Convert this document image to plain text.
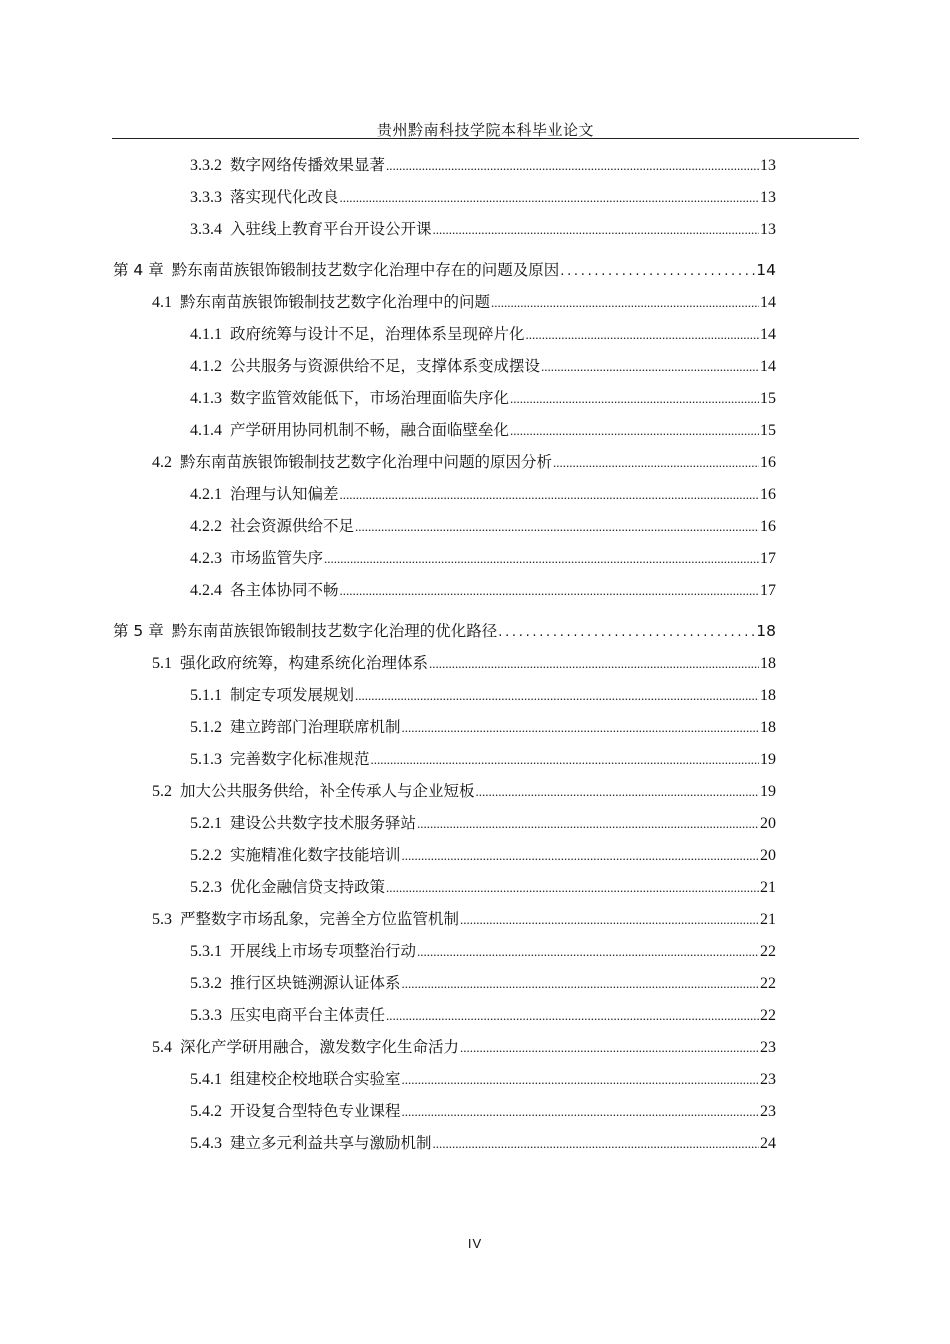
贵州黔南科技学院本科毕业论文
3.3.2 数字网络传播效果显著 .....	13
3.3.3 落实现代化改良 .....	13
3.3.4 入驻线上教育平台开设公开课 .....	13
第 4 章 黔东南苗族银饰锻制技艺数字化治理中存在的问题及原因 .....	14
4.1 黔东南苗族银饰锻制技艺数字化治理中的问题 .....	14
4.1.1 政府统筹与设计不足，治理体系呈现碎片化 .....	14
4.1.2 公共服务与资源供给不足，支撑体系变成摆设 .....	14
4.1.3 数字监管效能低下，市场治理面临失序化 .....	15
4.1.4 产学研用协同机制不畅，融合面临壁垒化 .....	15
4.2 黔东南苗族银饰锻制技艺数字化治理中问题的原因分析 .....	16
4.2.1 治理与认知偏差 .....	16
4.2.2 社会资源供给不足 .....	16
4.2.3 市场监管失序 .....	17
4.2.4 各主体协同不畅 .....	17
第 5 章 黔东南苗族银饰锻制技艺数字化治理的优化路径 .....	18
5.1 强化政府统筹，构建系统化治理体系 .....	18
5.1.1 制定专项发展规划 .....	18
5.1.2 建立跨部门治理联席机制 .....	18
5.1.3 完善数字化标准规范 .....	19
5.2 加大公共服务供给，补全传承人与企业短板 .....	19
5.2.1 建设公共数字技术服务驿站 .....	20
5.2.2 实施精准化数字技能培训 .....	20
5.2.3 优化金融信贷支持政策 .....	21
5.3 严整数字市场乱象，完善全方位监管机制 .....	21
5.3.1 开展线上市场专项整治行动 .....	22
5.3.2 推行区块链溯源认证体系 .....	22
5.3.3 压实电商平台主体责任 .....	22
5.4 深化产学研用融合，激发数字化生命活力 .....	23
5.4.1 组建校企校地联合实验室 .....	23
5.4.2 开设复合型特色专业课程 .....	23
5.4.3 建立多元利益共享与激励机制 .....	24
IV
